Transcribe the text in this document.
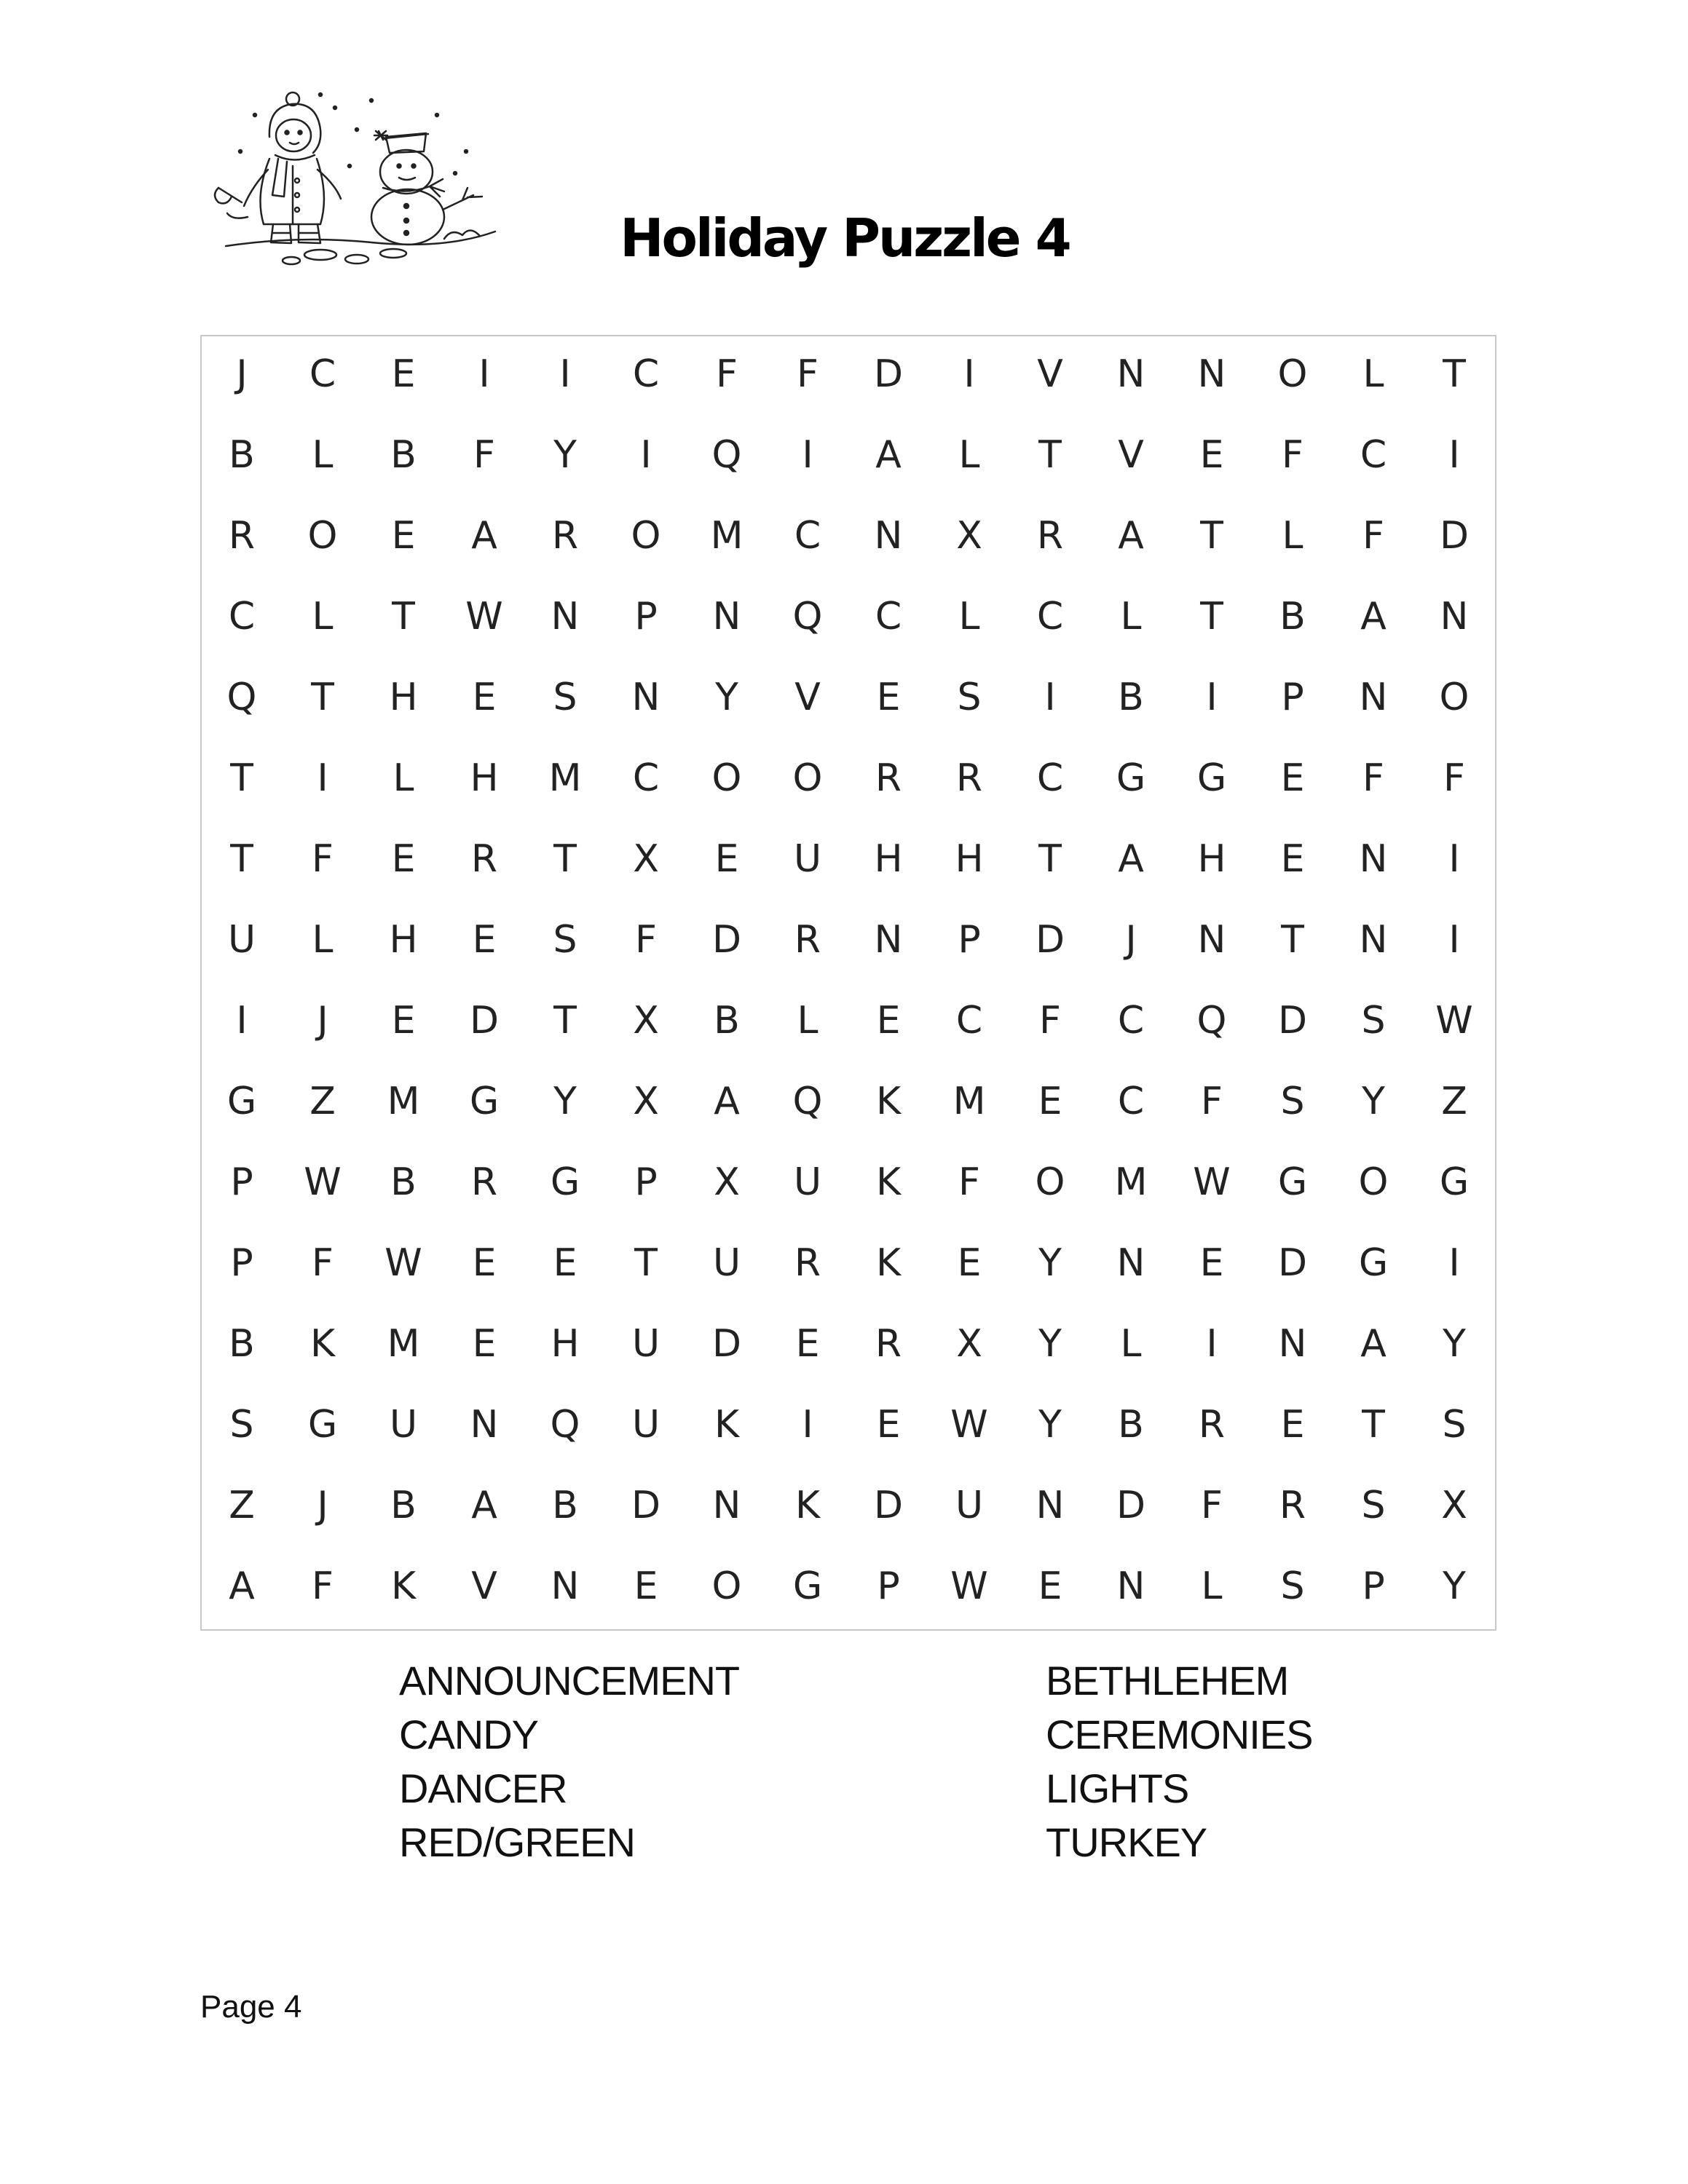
Holiday Puzzle 4
J	C	E	I	I	C	F	F	D	I	V	N	N	O	L	T
B	L	B	F	Y	I	Q	I	A	L	T	V	E	F	C	I
R	O	E	A	R	O	M	C	N	X	R	A	T	L	F	D
C	L	T	W	N	P	N	Q	C	L	C	L	T	B	A	N
Q	T	H	E	S	N	Y	V	E	S	I	B	I	P	N	O
T	I	L	H	M	C	O	O	R	R	C	G	G	E	F	F
T	F	E	R	T	X	E	U	H	H	T	A	H	E	N	I
U	L	H	E	S	F	D	R	N	P	D	J	N	T	N	I
I	J	E	D	T	X	B	L	E	C	F	C	Q	D	S	W
G	Z	M	G	Y	X	A	Q	K	M	E	C	F	S	Y	Z
P	W	B	R	G	P	X	U	K	F	O	M	W	G	O	G
P	F	W	E	E	T	U	R	K	E	Y	N	E	D	G	I
B	K	M	E	H	U	D	E	R	X	Y	L	I	N	A	Y
S	G	U	N	Q	U	K	I	E	W	Y	B	R	E	T	S
Z	J	B	A	B	D	N	K	D	U	N	D	F	R	S	X
A	F	K	V	N	E	O	G	P	W	E	N	L	S	P	Y
ANNOUNCEMENT
CANDY
DANCER
RED/GREEN
BETHLEHEM
CEREMONIES
LIGHTS
TURKEY
Page 4
